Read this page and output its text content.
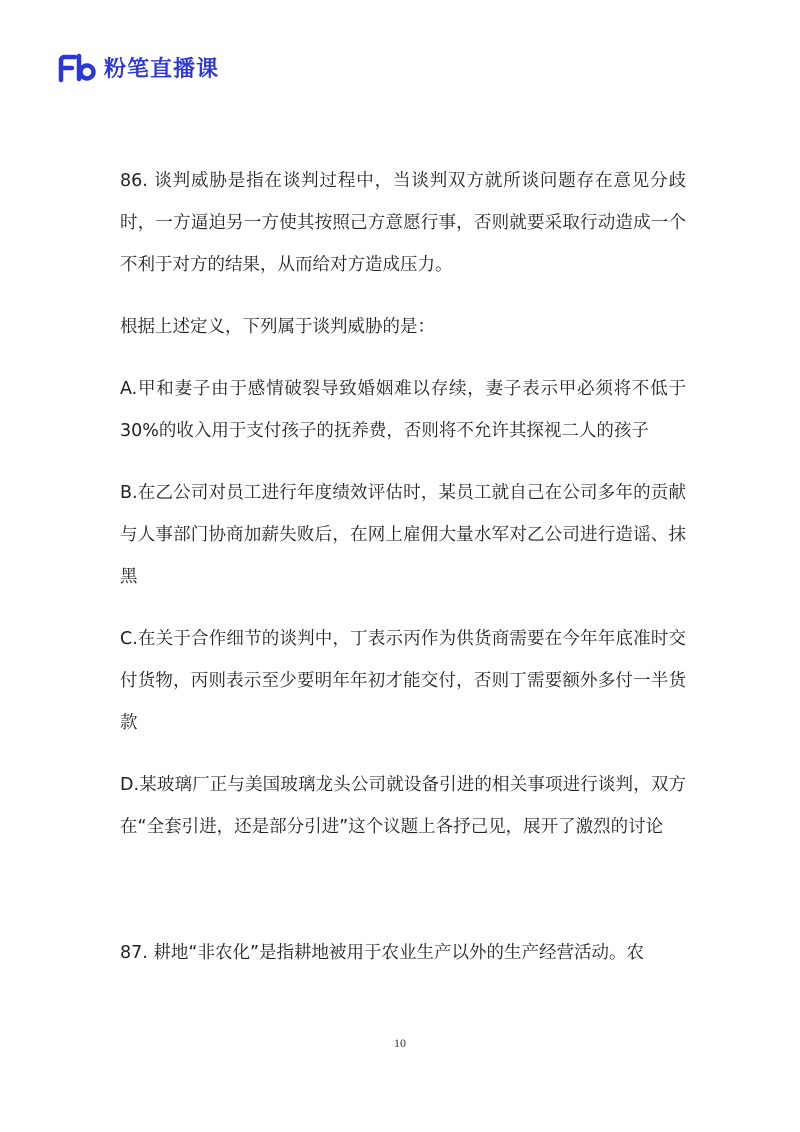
粉笔直播课

86. 谈判威胁是指在谈判过程中，当谈判双方就所谈问题存在意见分歧时，一方逼迫另一方使其按照己方意愿行事，否则就要采取行动造成一个不利于对方的结果，从而给对方造成压力。

根据上述定义，下列属于谈判威胁的是：

A.甲和妻子由于感情破裂导致婚姻难以存续，妻子表示甲必须将不低于30%的收入用于支付孩子的抚养费，否则将不允许其探视二人的孩子

B.在乙公司对员工进行年度绩效评估时，某员工就自己在公司多年的贡献与人事部门协商加薪失败后，在网上雇佣大量水军对乙公司进行造谣、抹黑

C.在关于合作细节的谈判中，丁表示丙作为供货商需要在今年年底准时交付货物，丙则表示至少要明年年初才能交付，否则丁需要额外多付一半货款

D.某玻璃厂正与美国玻璃龙头公司就设备引进的相关事项进行谈判，双方在“全套引进，还是部分引进”这个议题上各抒己见，展开了激烈的讨论

87. 耕地“非农化”是指耕地被用于农业生产以外的生产经营活动。农

10
